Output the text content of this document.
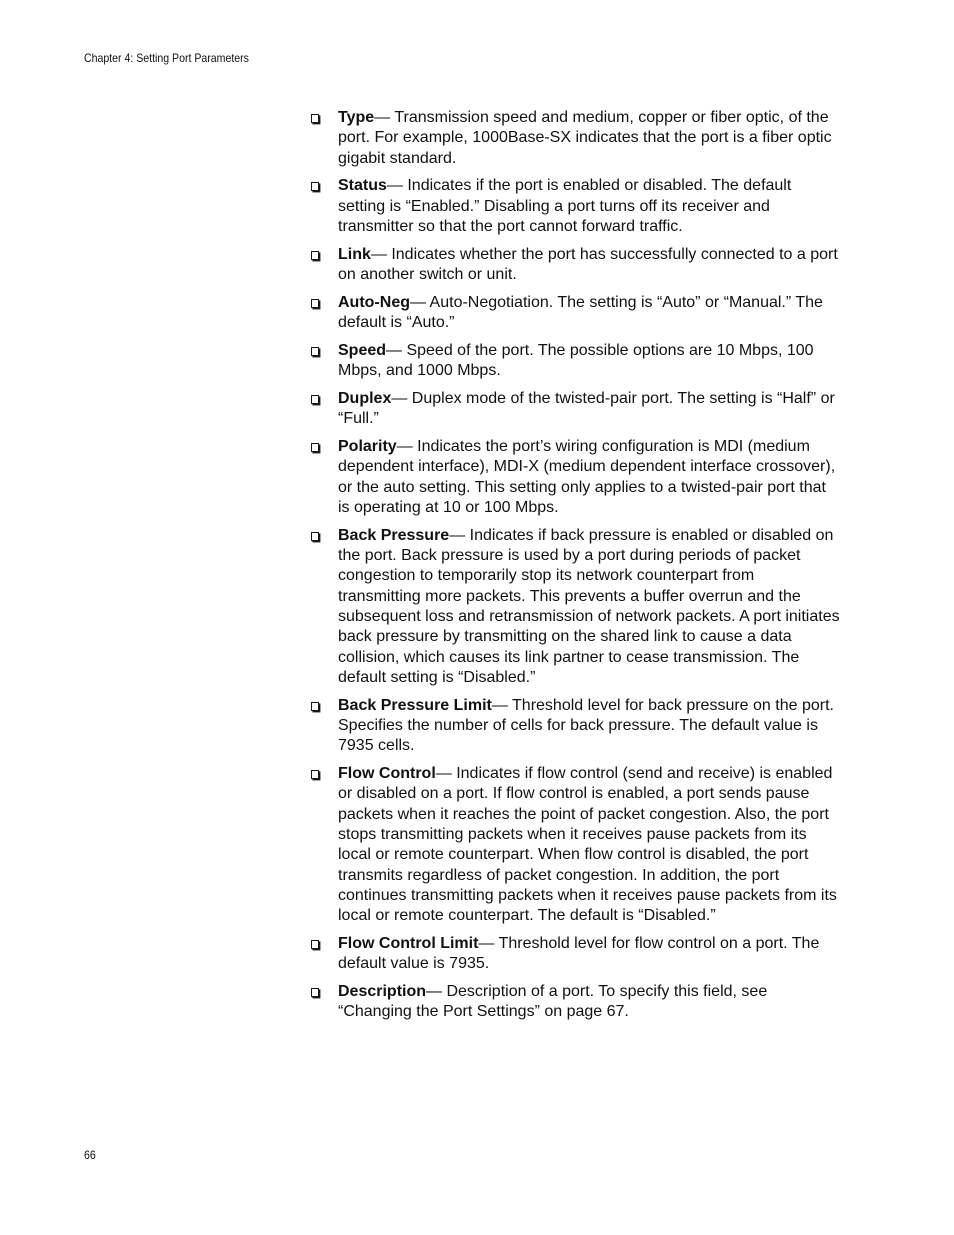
Chapter 4: Setting Port Parameters
Type— Transmission speed and medium, copper or fiber optic, of the port. For example, 1000Base-SX indicates that the port is a fiber optic gigabit standard.
Status— Indicates if the port is enabled or disabled. The default setting is “Enabled.” Disabling a port turns off its receiver and transmitter so that the port cannot forward traffic.
Link— Indicates whether the port has successfully connected to a port on another switch or unit.
Auto-Neg— Auto-Negotiation. The setting is “Auto” or “Manual.” The default is “Auto.”
Speed— Speed of the port. The possible options are 10 Mbps, 100 Mbps, and 1000 Mbps.
Duplex— Duplex mode of the twisted-pair port. The setting is “Half” or “Full.”
Polarity— Indicates the port’s wiring configuration is MDI (medium dependent interface), MDI-X (medium dependent interface crossover), or the auto setting. This setting only applies to a twisted-pair port that is operating at 10 or 100 Mbps.
Back Pressure— Indicates if back pressure is enabled or disabled on the port. Back pressure is used by a port during periods of packet congestion to temporarily stop its network counterpart from transmitting more packets. This prevents a buffer overrun and the subsequent loss and retransmission of network packets. A port initiates back pressure by transmitting on the shared link to cause a data collision, which causes its link partner to cease transmission. The default setting is “Disabled.”
Back Pressure Limit— Threshold level for back pressure on the port. Specifies the number of cells for back pressure. The default value is 7935 cells.
Flow Control— Indicates if flow control (send and receive) is enabled or disabled on a port. If flow control is enabled, a port sends pause packets when it reaches the point of packet congestion. Also, the port stops transmitting packets when it receives pause packets from its local or remote counterpart. When flow control is disabled, the port transmits regardless of packet congestion. In addition, the port continues transmitting packets when it receives pause packets from its local or remote counterpart. The default is “Disabled.”
Flow Control Limit— Threshold level for flow control on a port. The default value is 7935.
Description— Description of a port. To specify this field, see “Changing the Port Settings” on page 67.
66
